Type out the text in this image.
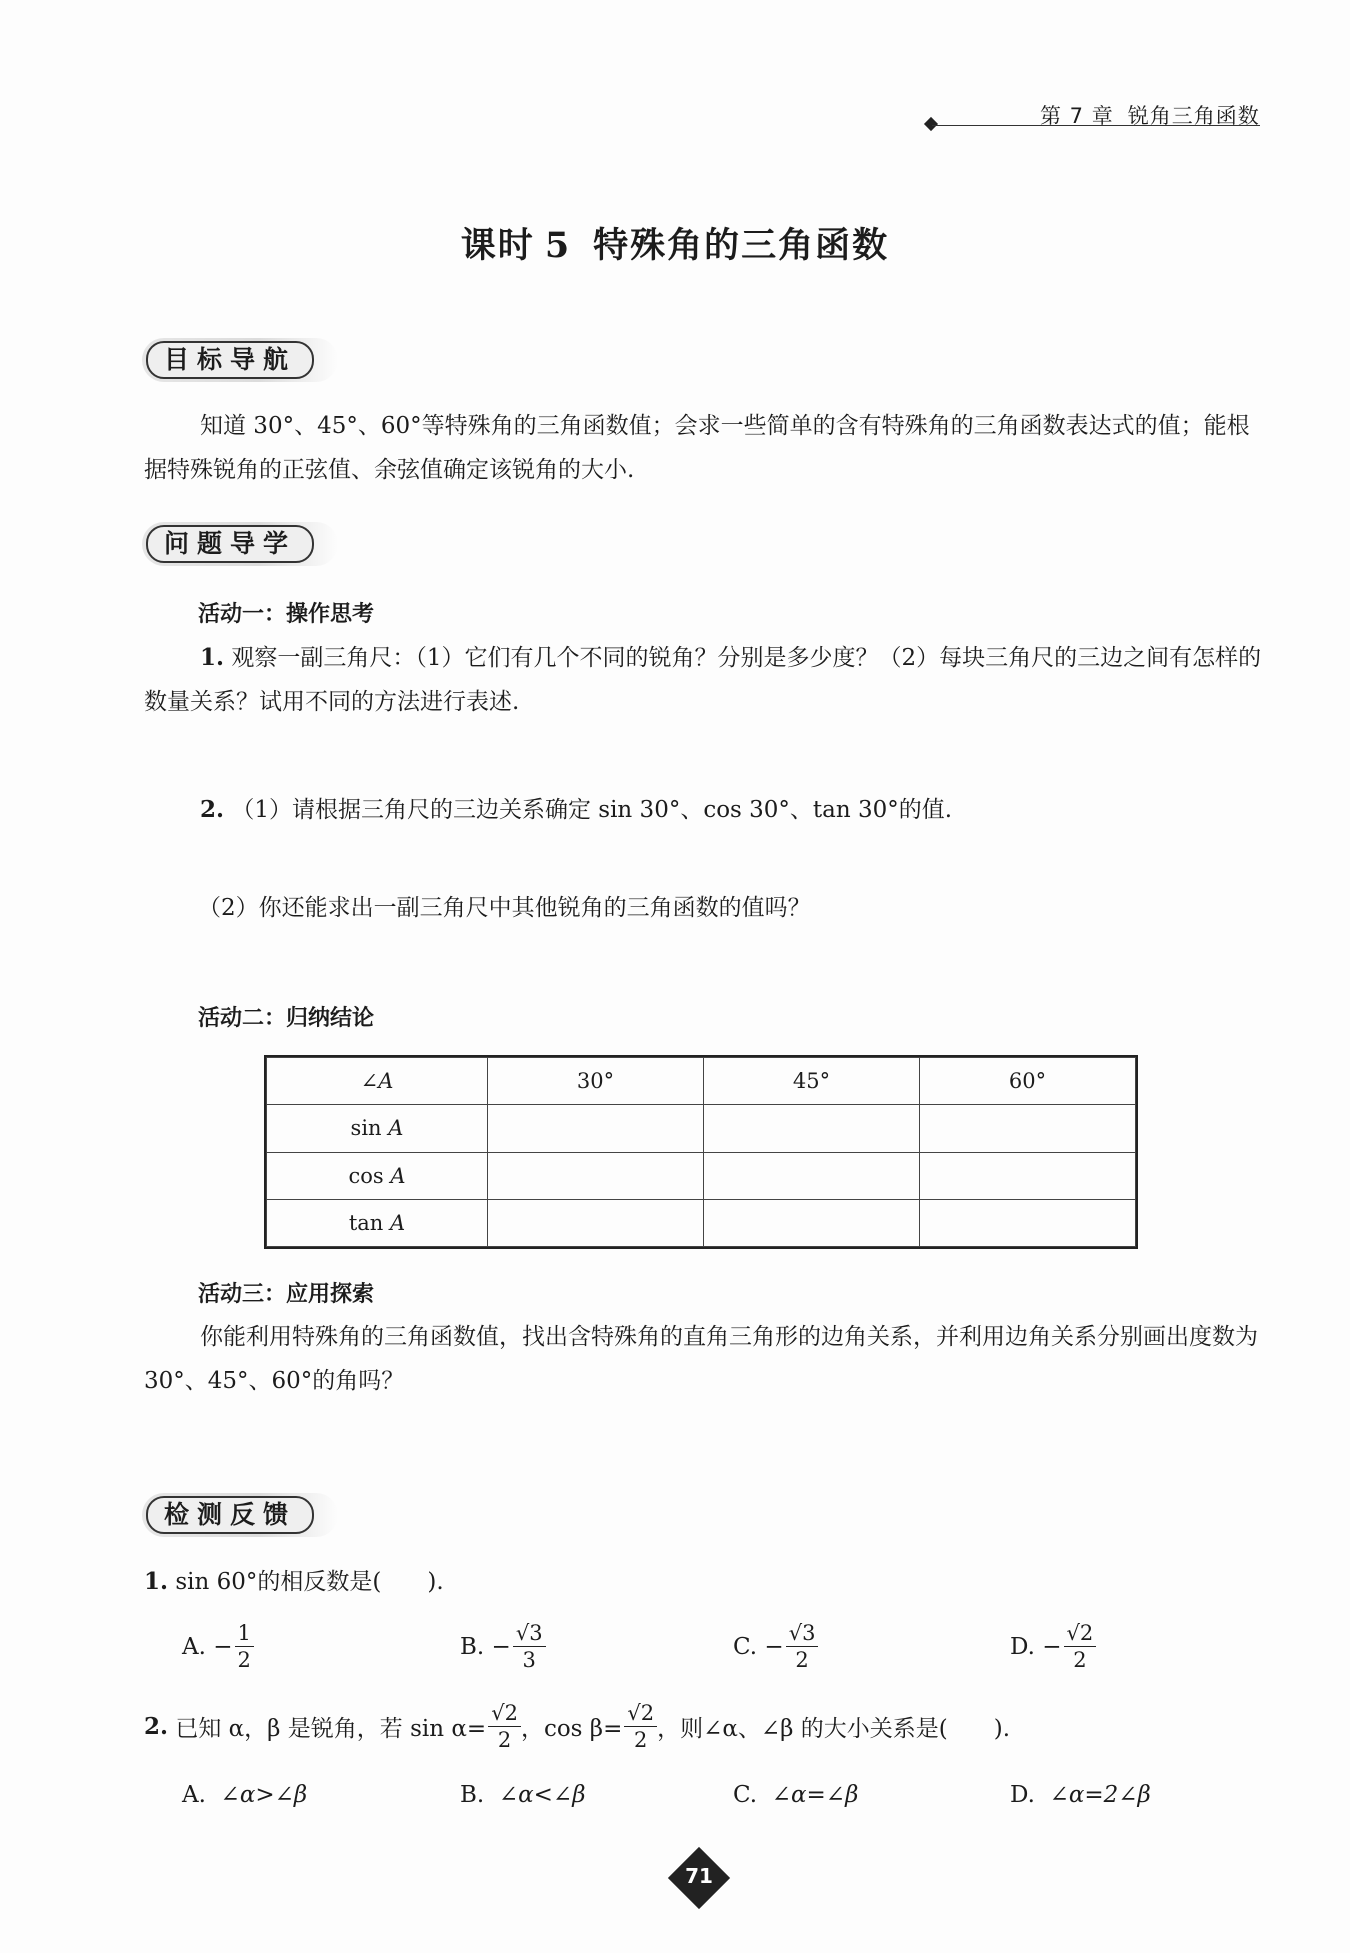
第 7 章 锐角三角函数
课时 5 特殊角的三角函数
目标导航
知道 30°、45°、60°等特殊角的三角函数值；会求一些简单的含有特殊角的三角函数表达式的值；能根据特殊锐角的正弦值、余弦值确定该锐角的大小.
问题导学
活动一：操作思考
1. 观察一副三角尺：（1）它们有几个不同的锐角？分别是多少度？（2）每块三角尺的三边之间有怎样的数量关系？试用不同的方法进行表述.
2. （1）请根据三角尺的三边关系确定 sin 30°、cos 30°、tan 30°的值.
（2）你还能求出一副三角尺中其他锐角的三角函数的值吗？
活动二：归纳结论
∠A	30°	45°	60°
sin A			
cos A			
tan A			
活动三：应用探索
你能利用特殊角的三角函数值，找出含特殊角的直角三角形的边角关系，并利用边角关系分别画出度数为 30°、45°、60°的角吗？
检测反馈
1. sin 60°的相反数是(　　).
A.
− $\frac{1}{2}$	B.
− $\frac{√3}{3}$	C.
− $\frac{√3}{2}$	D.
− $\frac{√2}{2}$
2.
已知 α，β 是锐角，若 $\sin \alpha= \frac{√2}{2}$ ，$\cos \beta= \frac{√2}{2}$ ，则∠α、∠β 的大小关系是(　　).
A.
∠α>∠β	B.
∠α<∠β	C.
∠α=∠β	D.
∠α=2∠β
71
